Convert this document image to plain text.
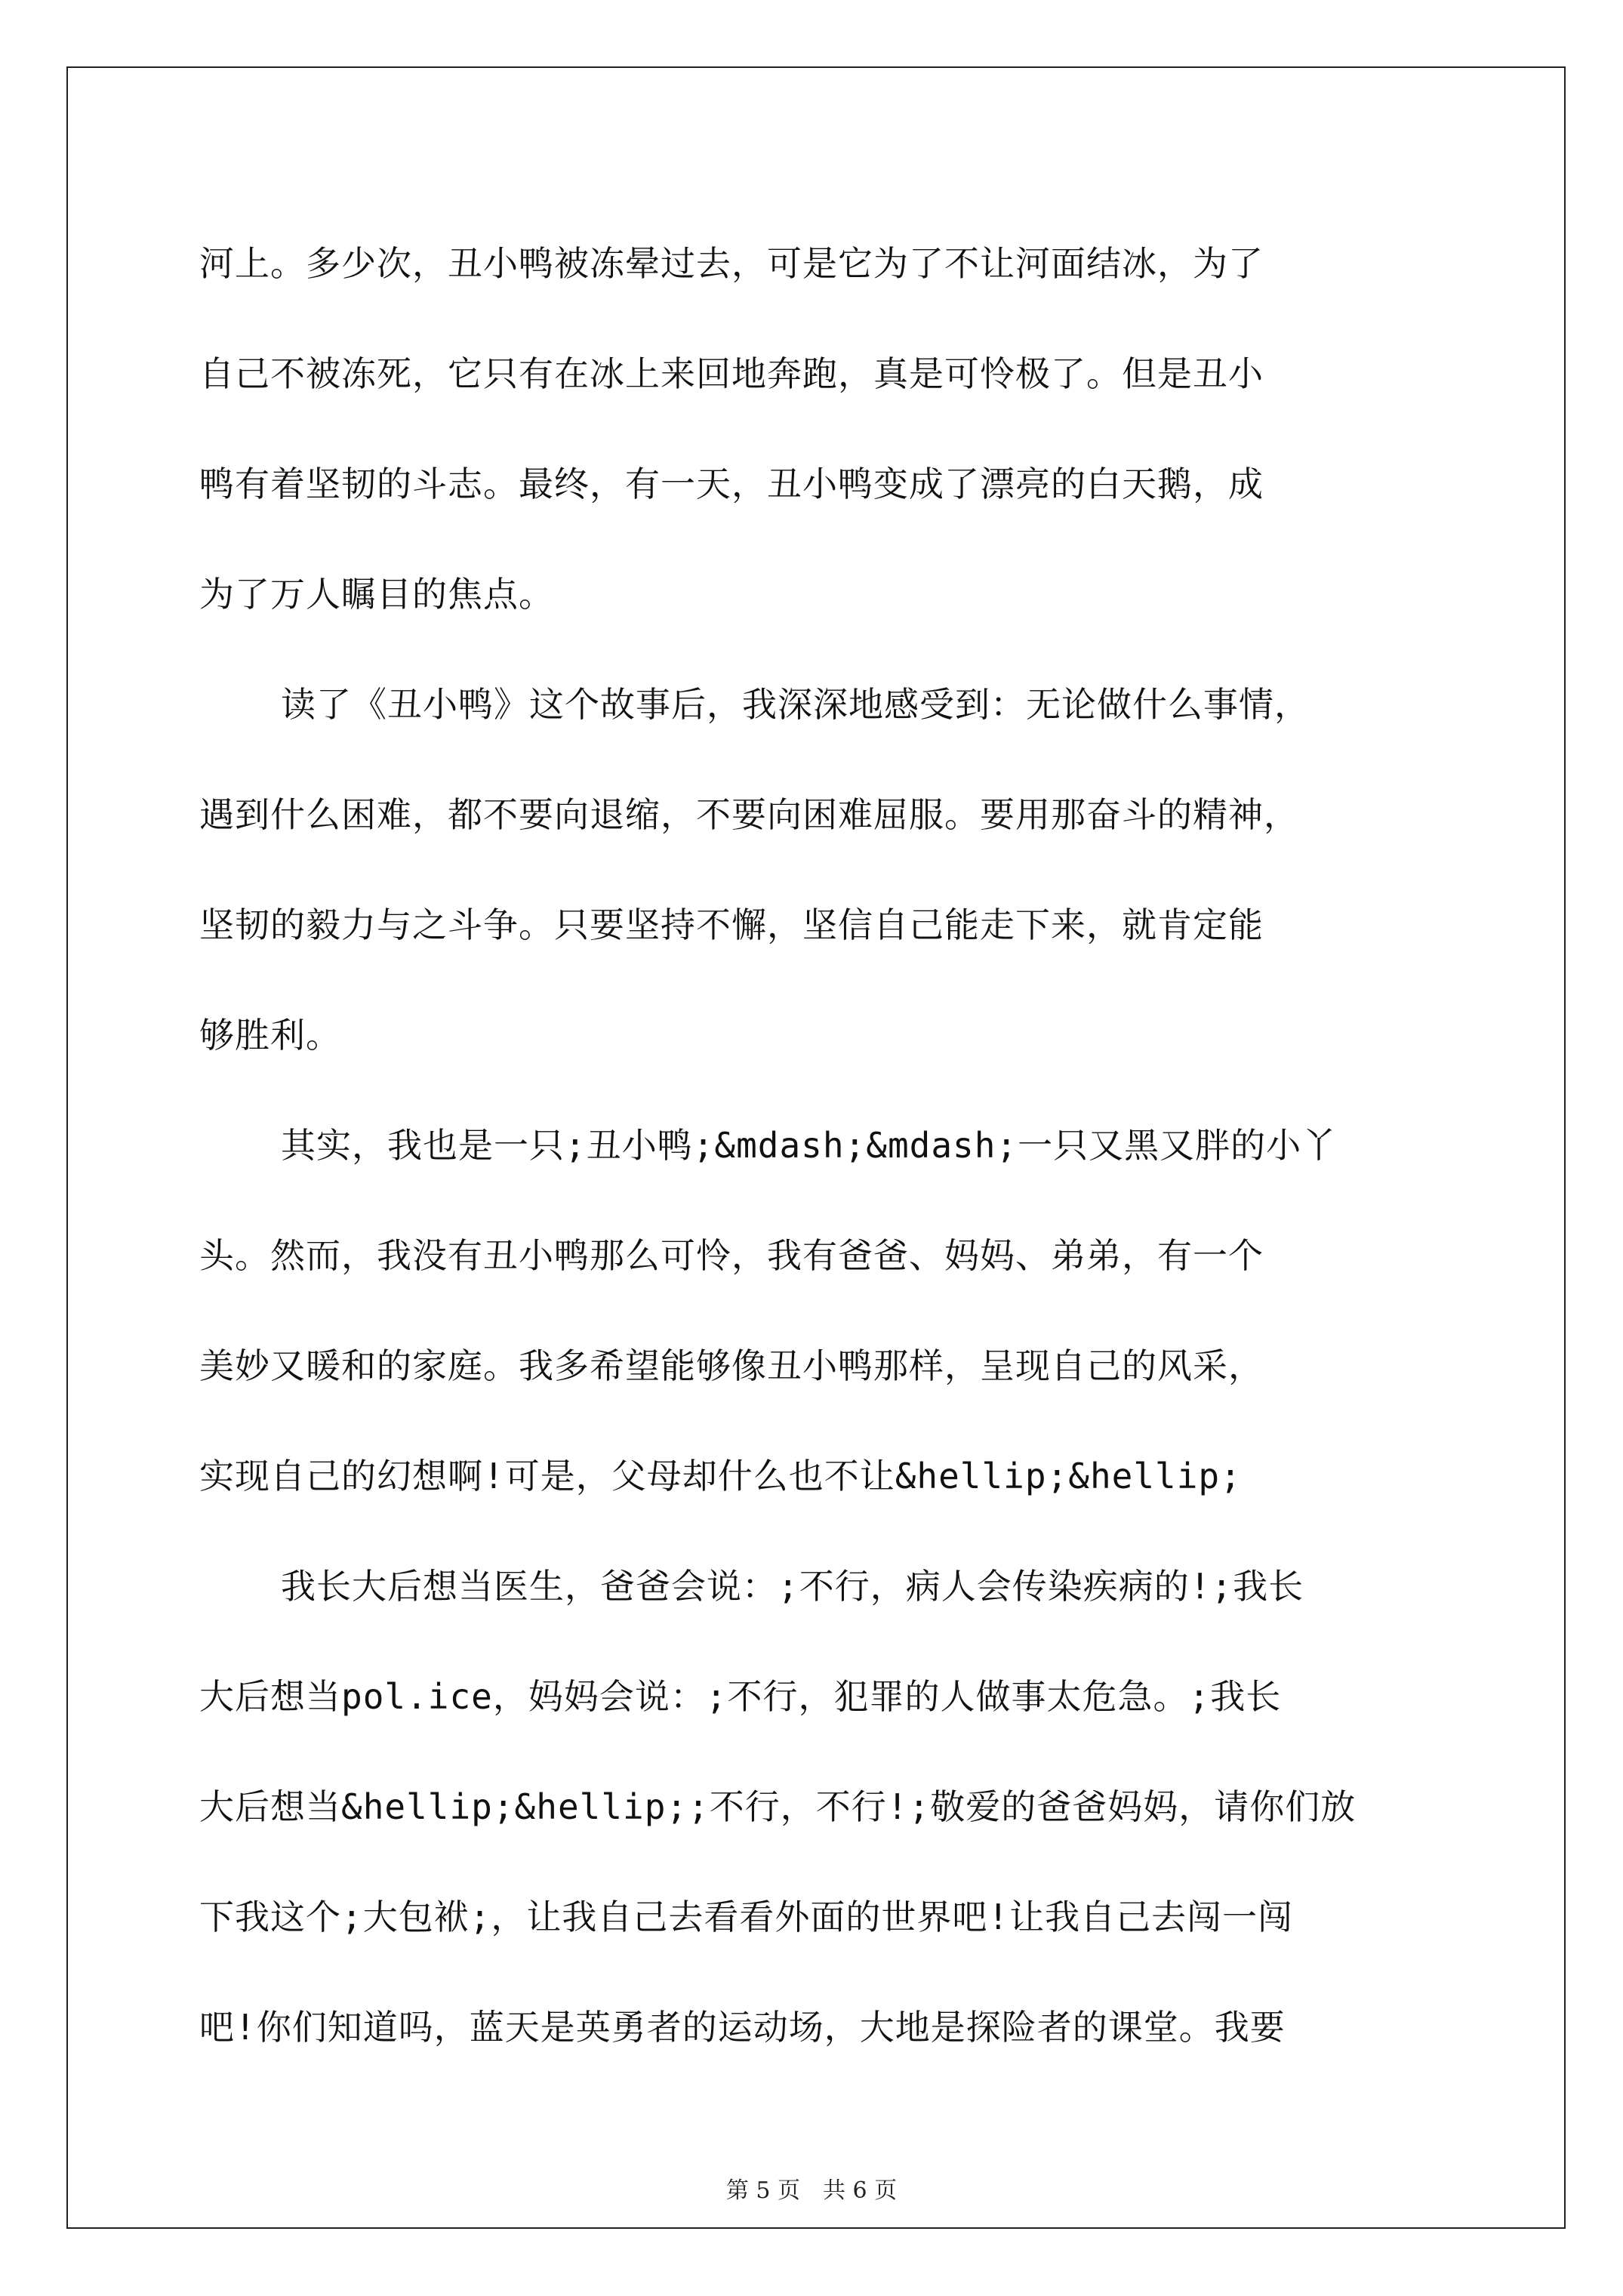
河上。多少次，丑小鸭被冻晕过去，可是它为了不让河面结冰，为了
自己不被冻死，它只有在冰上来回地奔跑，真是可怜极了。但是丑小
鸭有着坚韧的斗志。最终，有一天，丑小鸭变成了漂亮的白天鹅，成
为了万人瞩目的焦点。
读了《丑小鸭》这个故事后，我深深地感受到：无论做什么事情，
遇到什么困难，都不要向退缩，不要向困难屈服。要用那奋斗的精神，
坚韧的毅力与之斗争。只要坚持不懈，坚信自己能走下来，就肯定能
够胜利。
其实，我也是一只;丑小鸭;&mdash;&mdash;一只又黑又胖的小丫
头。然而，我没有丑小鸭那么可怜，我有爸爸、妈妈、弟弟，有一个
美妙又暖和的家庭。我多希望能够像丑小鸭那样，呈现自己的风采，
实现自己的幻想啊!可是，父母却什么也不让&hellip;&hellip;
我长大后想当医生，爸爸会说：;不行，病人会传染疾病的!;我长
大后想当pol.ice，妈妈会说：;不行，犯罪的人做事太危急。;我长
大后想当&hellip;&hellip;;不行，不行!;敬爱的爸爸妈妈，请你们放
下我这个;大包袱;，让我自己去看看外面的世界吧!让我自己去闯一闯
吧!你们知道吗，蓝天是英勇者的运动场，大地是探险者的课堂。我要
第 5 页　共 6 页
